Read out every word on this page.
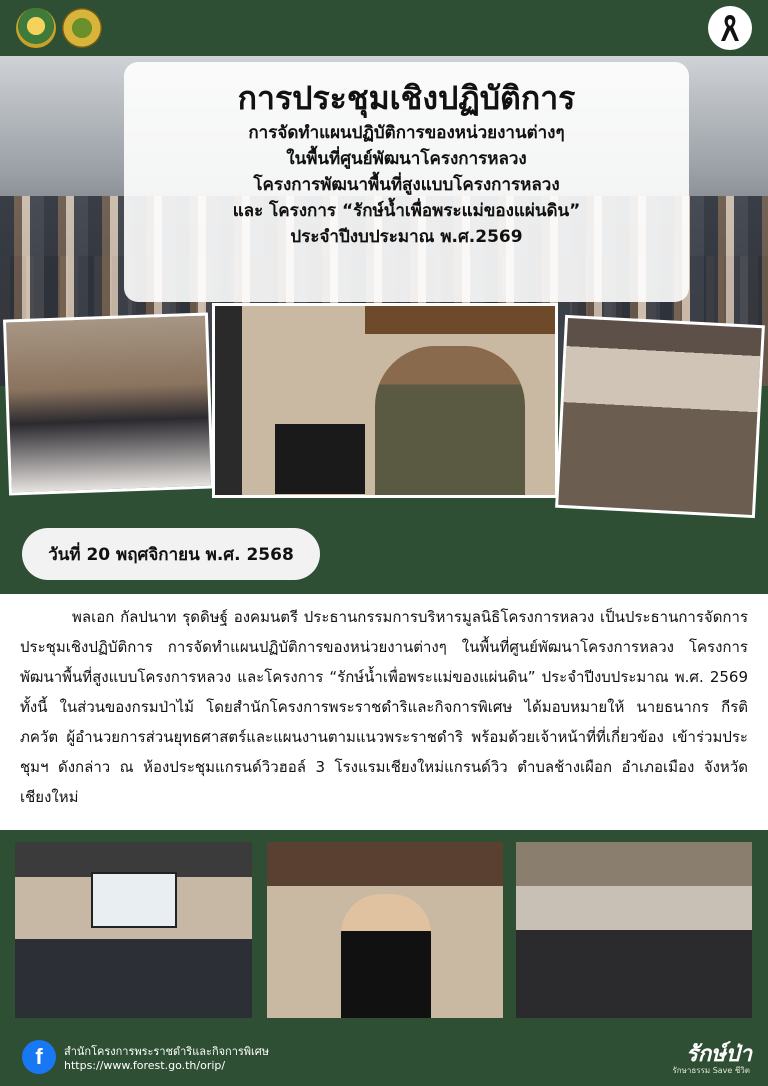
การประชุมเชิงปฏิบัติการ
การจัดทำแผนปฏิบัติการของหน่วยงานต่างๆ
ในพื้นที่ศูนย์พัฒนาโครงการหลวง
โครงการพัฒนาพื้นที่สูงแบบโครงการหลวง
และ โครงการ “รักษ์น้ำเพื่อพระแม่ของแผ่นดิน”
ประจำปีงบประมาณ พ.ศ.2569
วันที่ 20 พฤศจิกายน พ.ศ. 2568

พลเอก กัลปนาท รุดดิษฐ์ องคมนตรี ประธานกรรมการบริหารมูลนิธิโครงการหลวง เป็นประธานการจัดการประชุมเชิงปฏิบัติการ การจัดทำแผนปฏิบัติการของหน่วยงานต่างๆ ในพื้นที่ศูนย์พัฒนาโครงการหลวง โครงการพัฒนาพื้นที่สูงแบบโครงการหลวง และโครงการ “รักษ์น้ำเพื่อพระแม่ของแผ่นดิน” ประจำปีงบประมาณ พ.ศ. 2569 ทั้งนี้ ในส่วนของกรมป่าไม้ โดยสำนักโครงการพระราชดำริและกิจการพิเศษ ได้มอบหมายให้ นายธนากร กีรติภควัต ผู้อำนวยการส่วนยุทธศาสตร์และแผนงานตามแนวพระราชดำริ พร้อมด้วยเจ้าหน้าที่ที่เกี่ยวข้อง เข้าร่วมประชุมฯ ดังกล่าว ณ ห้องประชุมแกรนด์วิวฮอล์ 3 โรงแรมเชียงใหม่แกรนด์วิว ตำบลช้างเผือก อำเภอเมือง จังหวัดเชียงใหม่

f	สำนักโครงการพระราชดำริและกิจการพิเศษ
https://www.forest.go.th/orip/	รักษ์ป่า
รักษาธรรม Save ชีวิต
